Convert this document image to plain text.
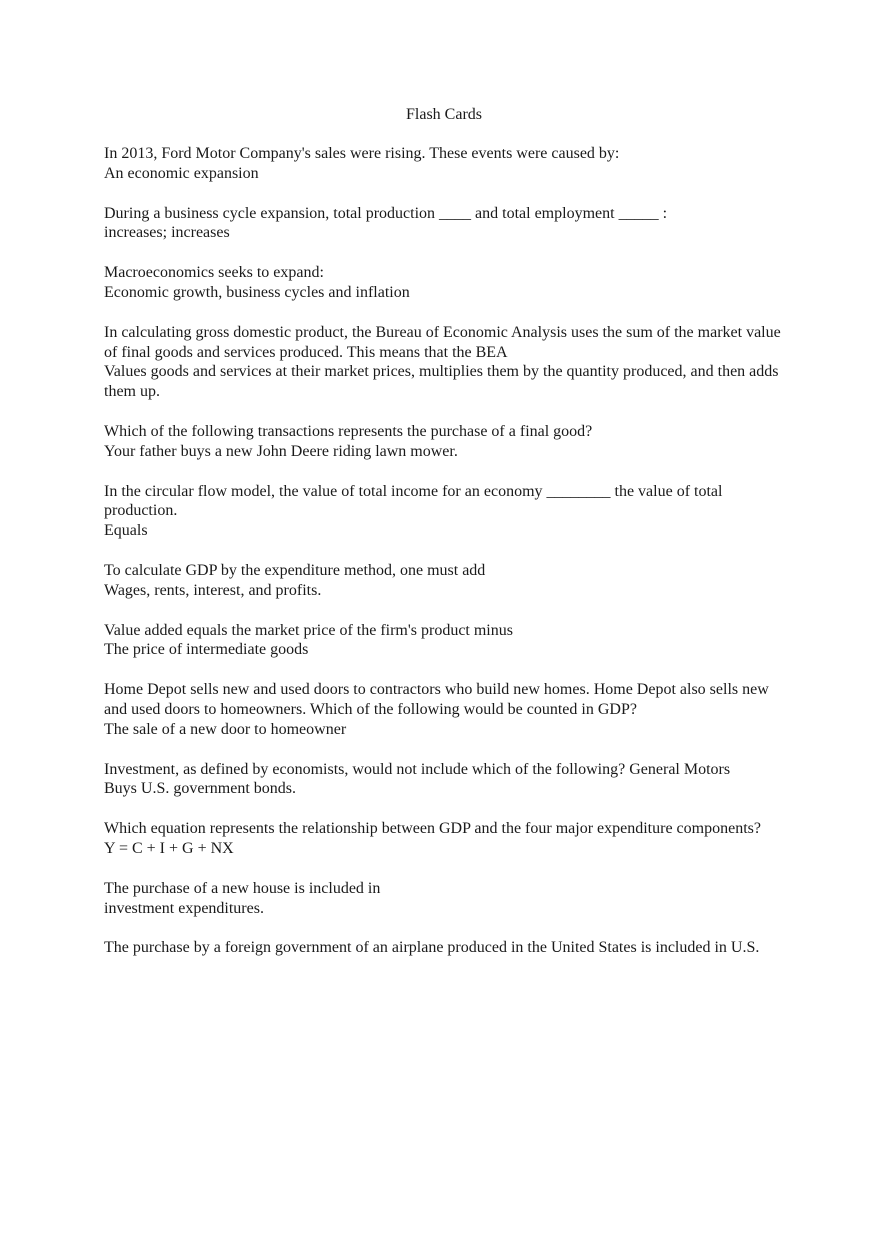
Flash Cards
In 2013, Ford Motor Company's sales were rising. These events were caused by:
An economic expansion
During a business cycle expansion, total production ____ and total employment _____ :
increases; increases
Macroeconomics seeks to expand:
Economic growth, business cycles and inflation
In calculating gross domestic product, the Bureau of Economic Analysis uses the sum of the market value of final goods and services produced. This means that the BEA
Values goods and services at their market prices, multiplies them by the quantity produced, and then adds them up.
Which of the following transactions represents the purchase of a final good?
Your father buys a new John Deere riding lawn mower.
In the circular flow model, the value of total income for an economy ________ the value of total production.
Equals
To calculate GDP by the expenditure method, one must add
Wages, rents, interest, and profits.
Value added equals the market price of the firm's product minus
The price of intermediate goods
Home Depot sells new and used doors to contractors who build new homes. Home Depot also sells new and used doors to homeowners. Which of the following would be counted in GDP?
The sale of a new door to homeowner
Investment, as defined by economists, would not include which of the following? General Motors
Buys U.S. government bonds.
Which equation represents the relationship between GDP and the four major expenditure components?
Y = C + I + G + NX
The purchase of a new house is included in
investment expenditures.
The purchase by a foreign government of an airplane produced in the United States is included in U.S.
